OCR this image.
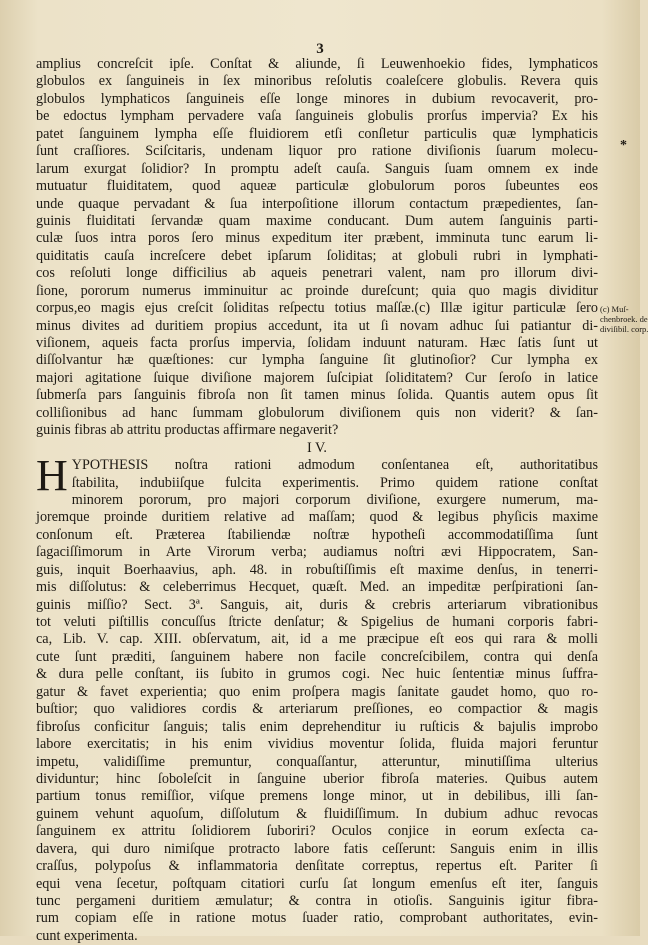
3
*
(c) Muſ-
chenbroek. de
diviſibil. corp.
amplius concreſcit ipſe. Conſtat & aliunde, ſi Leuwenhoekio fides, lymphaticos
globulos ex ſanguineis in ſex minoribus reſolutis coaleſcere globulis. Revera quis
globulos lymphaticos ſanguineis eſſe longe minores in dubium revocaverit, pro-
be edoctus lympham pervadere vaſa ſanguineis globulis prorſus impervia? Ex his
patet ſanguinem lympha eſſe fluidiorem etſi conſletur particulis quæ lymphaticis
ſunt craſſiores. Sciſcitaris, undenam liquor pro ratione diviſionis ſuarum molecu-
larum exurgat ſolidior? In promptu adeſt cauſa. Sanguis ſuam omnem ex inde
mutuatur fluiditatem, quod aqueæ particulæ globulorum poros ſubeuntes eos
unde quaque pervadant & ſua interpoſitione illorum contactum præpedientes, ſan-
guinis fluiditati ſervandæ quam maxime conducant. Dum autem ſanguinis parti-
culæ ſuos intra poros ſero minus expeditum iter præbent, imminuta tunc earum li-
quiditatis cauſa increſcere debet ipſarum ſoliditas; at globuli rubri in lymphati-
cos reſoluti longe difficilius ab aqueis penetrari valent, nam pro illorum divi-
ſione, pororum numerus imminuitur ac proinde dureſcunt; quia quo magis dividitur
corpus,eo magis ejus creſcit ſoliditas reſpectu totius maſſæ.(c) Illæ igitur particulæ ſero
minus divites ad duritiem propius accedunt, ita ut ſi novam adhuc ſui patiantur di-
viſionem, aqueis facta prorſus impervia, ſolidam induunt naturam. Hæc ſatis ſunt ut
diſſolvantur hæ quæſtiones: cur lympha ſanguine ſit glutinoſior? Cur lympha ex
majori agitatione ſuique diviſione majorem ſuſcipiat ſoliditatem? Cur ſeroſo in latice
ſubmerſa pars ſanguinis fibroſa non ſit tamen minus ſolida. Quantis autem opus ſit
colliſionibus ad hanc ſummam globulorum diviſionem quis non viderit? & ſan-
guinis fibras ab attritu productas affirmare negaverit?
I V.
HYPOTHESIS noſtra rationi admodum conſentanea eſt, authoritatibus
ſtabilita, indubiiſque fulcita experimentis. Primo quidem ratione conſtat
minorem pororum, pro majori corporum diviſione, exurgere numerum, ma-
joremque proinde duritiem relative ad maſſam; quod & legibus phyſicis maxime
conſonum eſt. Præterea ſtabiliendæ noſtræ hypotheſi accommodatiſſima ſunt
ſagaciſſimorum in Arte Virorum verba; audiamus noſtri ævi Hippocratem, San-
guis, inquit Boerhaavius, aph. 48. in robuſtiſſimis eſt maxime denſus, in tenerri-
mis diſſolutus: & celeberrimus Hecquet, quæſt. Med. an impeditæ perſpirationi ſan-
guinis miſſio? Sect. 3ª. Sanguis, ait, duris & crebris arteriarum vibrationibus
tot veluti piſtillis concuſſus ſtricte denſatur; & Spigelius de humani corporis fabri-
ca, Lib. V. cap. XIII. obſervatum, ait, id a me præcipue eſt eos qui rara & molli
cute ſunt præditi, ſanguinem habere non facile concreſcibilem, contra qui denſa
& dura pelle conſtant, iis ſubito in grumos cogi. Nec huic ſententiæ minus ſuffra-
gatur & favet experientia; quo enim proſpera magis ſanitate gaudet homo, quo ro-
buſtior; quo validiores cordis & arteriarum preſſiones, eo compactior & magis
fibroſus conficitur ſanguis; talis enim deprehenditur iu ruſticis & bajulis improbo
labore exercitatis; in his enim vividius moventur ſolida, fluida majori feruntur
impetu, validiſſime premuntur, conquaſſantur, atteruntur, minutiſſima ulterius
dividuntur; hinc ſoboleſcit in ſanguine uberior fibroſa materies. Quibus autem
partium tonus remiſſior, viſque premens longe minor, ut in debilibus, illi ſan-
guinem vehunt aquoſum, diſſolutum & fluidiſſimum. In dubium adhuc revocas
ſanguinem ex attritu ſolidiorem ſuboriri? Oculos conjice in eorum exſecta ca-
davera, qui duro nimiſque protracto labore fatis ceſſerunt: Sanguis enim in illis
craſſus, polypoſus & inflammatoria denſitate correptus, repertus eſt. Pariter ſi
equi vena ſecetur, poſtquam citatiori curſu ſat longum emenſus eſt iter, ſanguis
tunc pergameni duritiem æmulatur; & contra in otioſis. Sanguinis igitur fibra-
rum copiam eſſe in ratione motus ſuader ratio, comprobant authoritates, evin-
cunt experimenta.
